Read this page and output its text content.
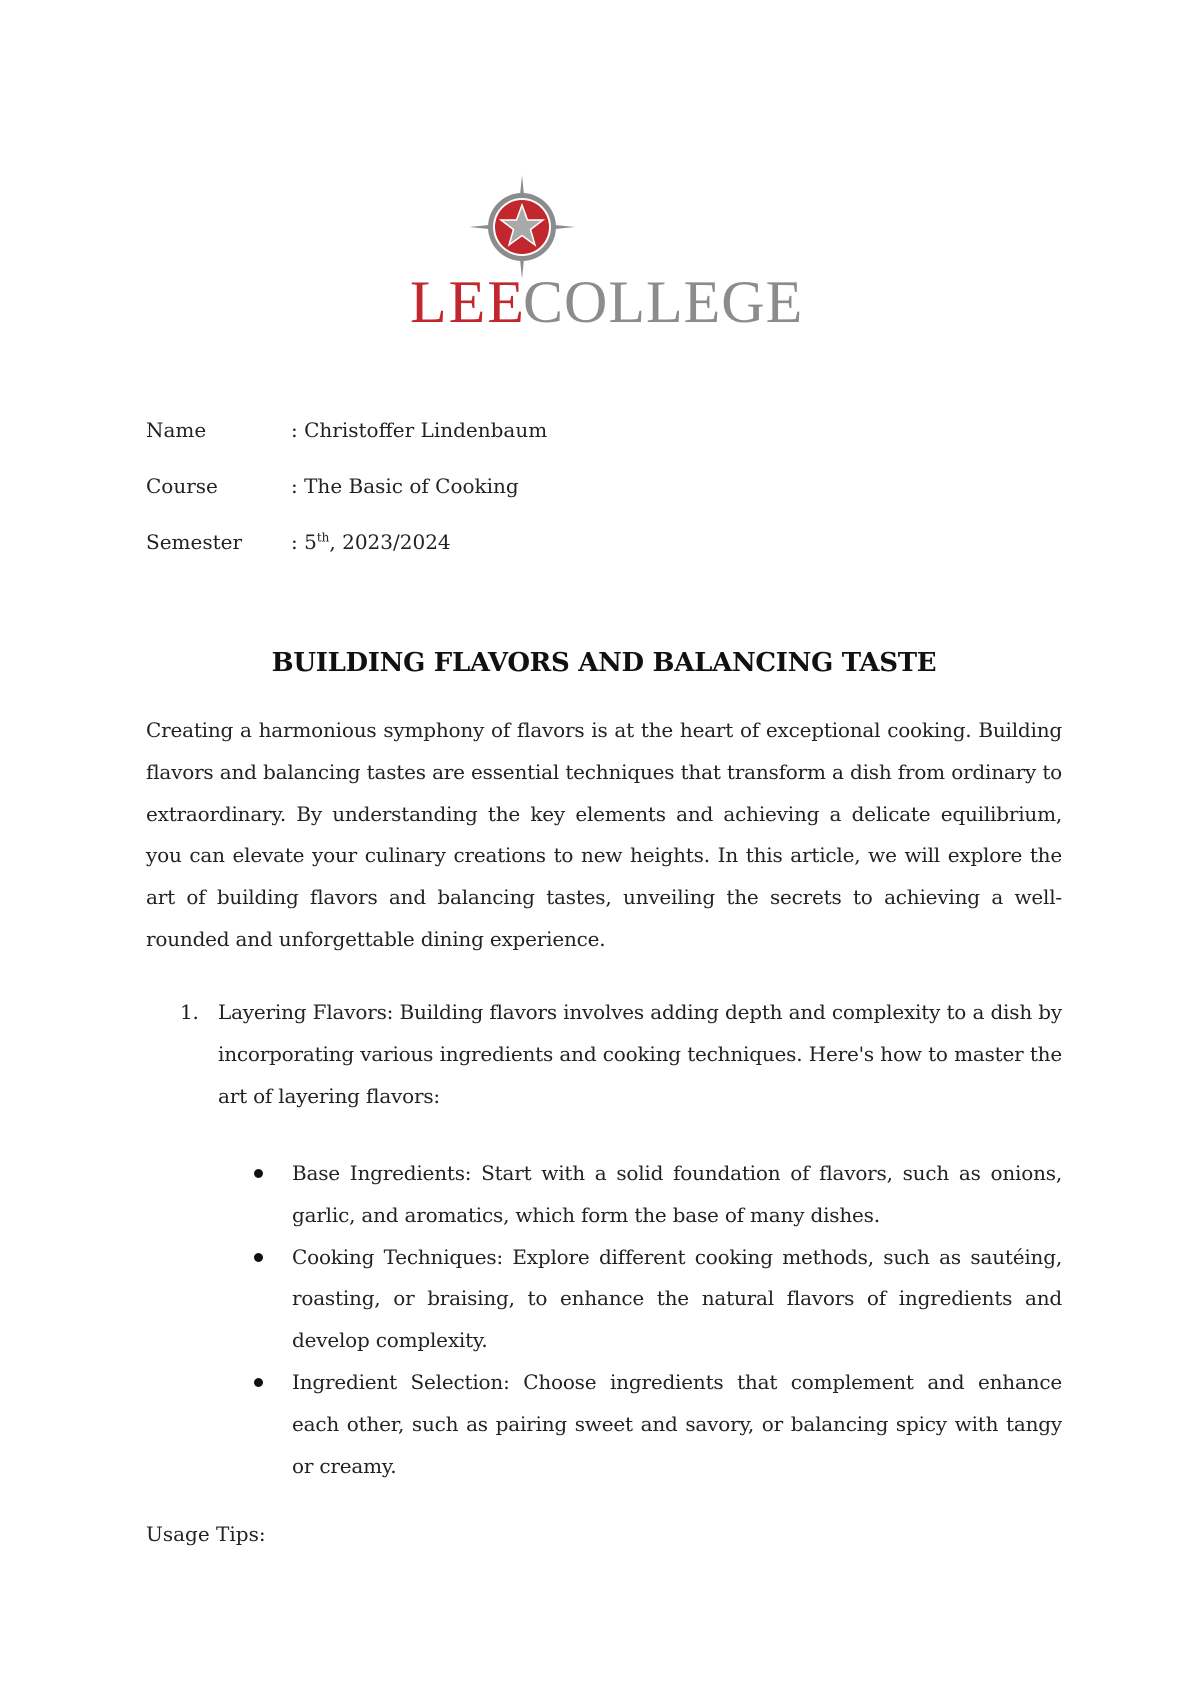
LEE
COLLEGE
Name	: Christoffer Lindenbaum
Course	: The Basic of Cooking
Semester : 5th, 2023/2024
BUILDING FLAVORS AND BALANCING TASTE

Creating a harmonious symphony of flavors is at the heart of exceptional cooking. Building flavors and balancing tastes are essential techniques that transform a dish from ordinary to extraordinary. By understanding the key elements and achieving a delicate equilibrium, you can elevate your culinary creations to new heights. In this article, we will explore the art of building flavors and balancing tastes, unveiling the secrets to achieving a well-rounded and unforgettable dining experience.

1. Layering Flavors: Building flavors involves adding depth and complexity to a dish by incorporating various ingredients and cooking techniques. Here's how to master the art of layering flavors:
Base Ingredients: Start with a solid foundation of flavors, such as onions, garlic, and aromatics, which form the base of many dishes.
Cooking Techniques: Explore different cooking methods, such as sautéing, roasting, or braising, to enhance the natural flavors of ingredients and develop complexity.
Ingredient Selection: Choose ingredients that complement and enhance each other, such as pairing sweet and savory, or balancing spicy with tangy or creamy.

Usage Tips:
